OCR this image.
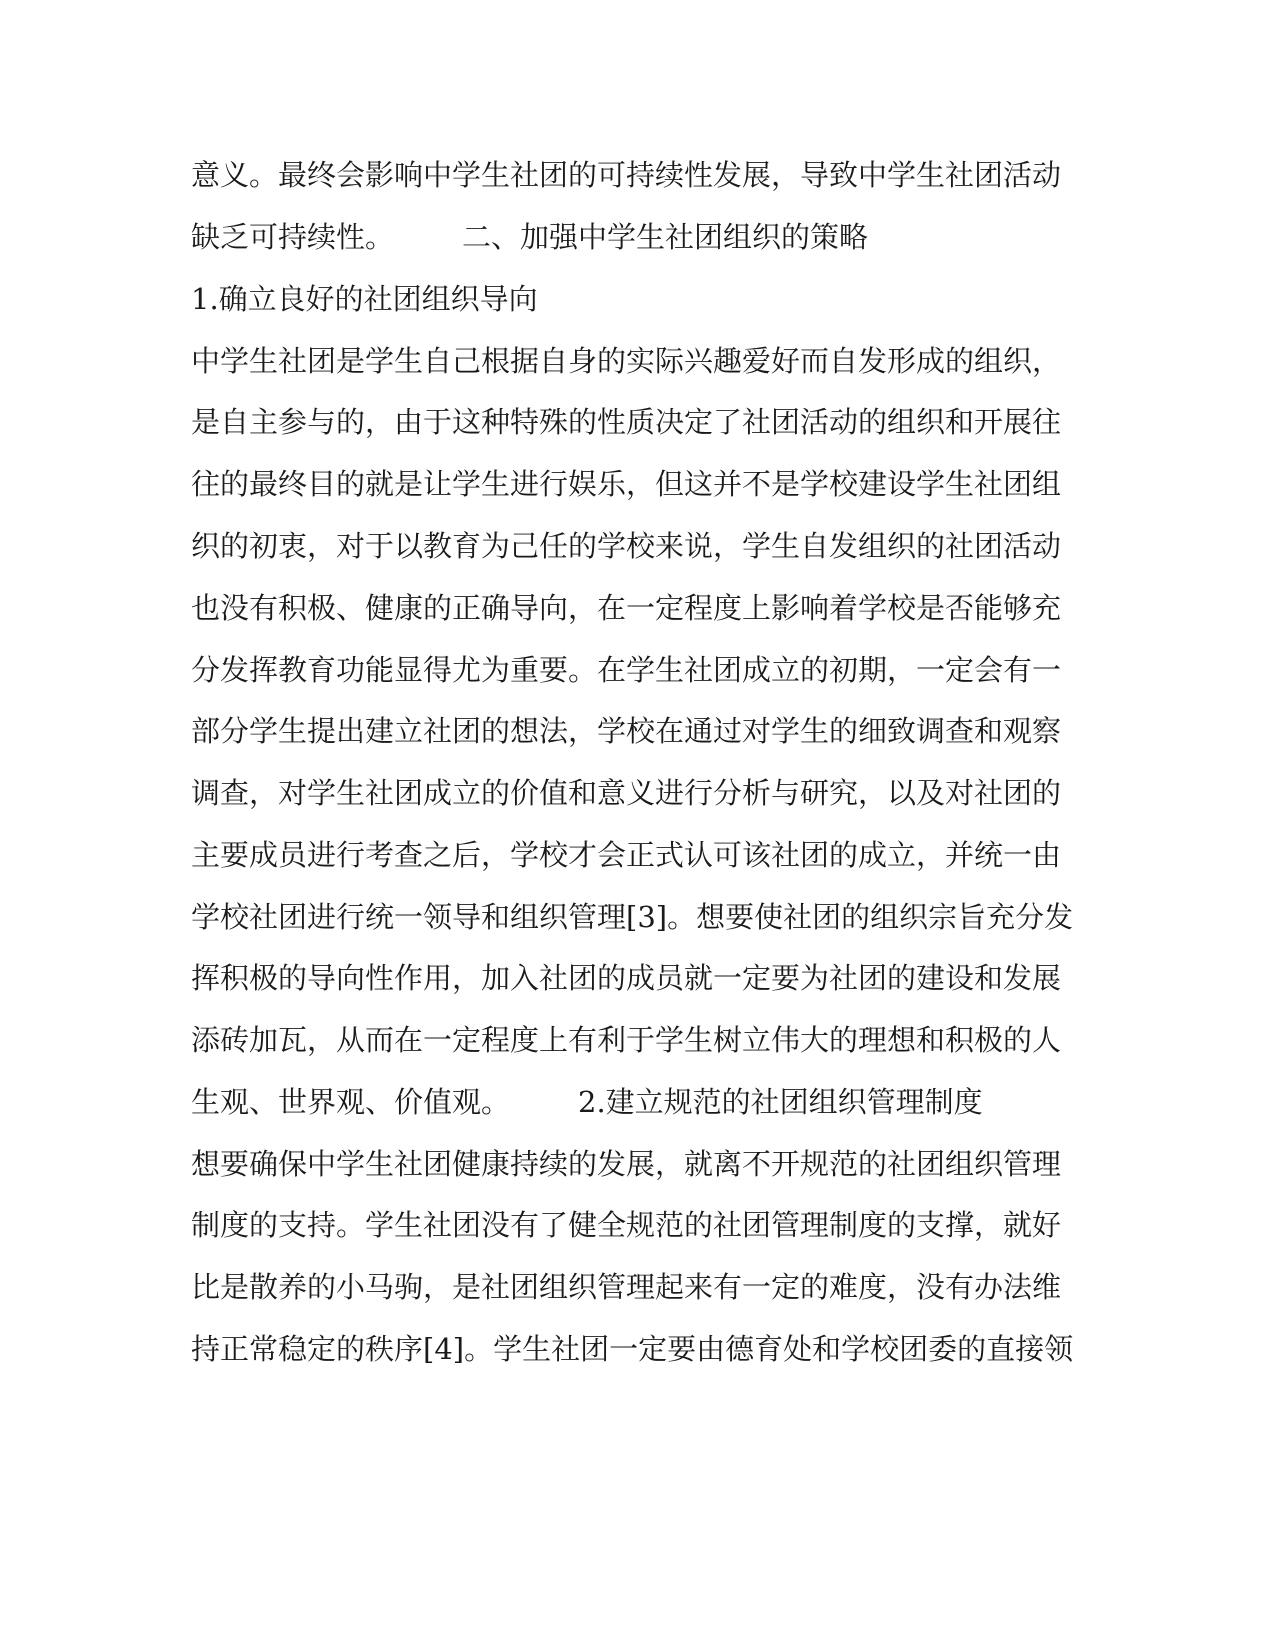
意义。最终会影响中学生社团的可持续性发展，导致中学生社团活动
缺乏可持续性。 二、加强中学生社团组织的策略
1.确立良好的社团组织导向
中学生社团是学生自己根据自身的实际兴趣爱好而自发形成的组织，
是自主参与的，由于这种特殊的性质决定了社团活动的组织和开展往
往的最终目的就是让学生进行娱乐，但这并不是学校建设学生社团组
织的初衷，对于以教育为己任的学校来说，学生自发组织的社团活动
也没有积极、健康的正确导向，在一定程度上影响着学校是否能够充
分发挥教育功能显得尤为重要。在学生社团成立的初期，一定会有一
部分学生提出建立社团的想法，学校在通过对学生的细致调查和观察
调查，对学生社团成立的价值和意义进行分析与研究，以及对社团的
主要成员进行考查之后，学校才会正式认可该社团的成立，并统一由
学校社团进行统一领导和组织管理[3]。想要使社团的组织宗旨充分发
挥积极的导向性作用，加入社团的成员就一定要为社团的建设和发展
添砖加瓦，从而在一定程度上有利于学生树立伟大的理想和积极的人
生观、世界观、价值观。 2.建立规范的社团组织管理制度
想要确保中学生社团健康持续的发展，就离不开规范的社团组织管理
制度的支持。学生社团没有了健全规范的社团管理制度的支撑，就好
比是散养的小马驹，是社团组织管理起来有一定的难度，没有办法维
持正常稳定的秩序[4]。学生社团一定要由德育处和学校团委的直接领
